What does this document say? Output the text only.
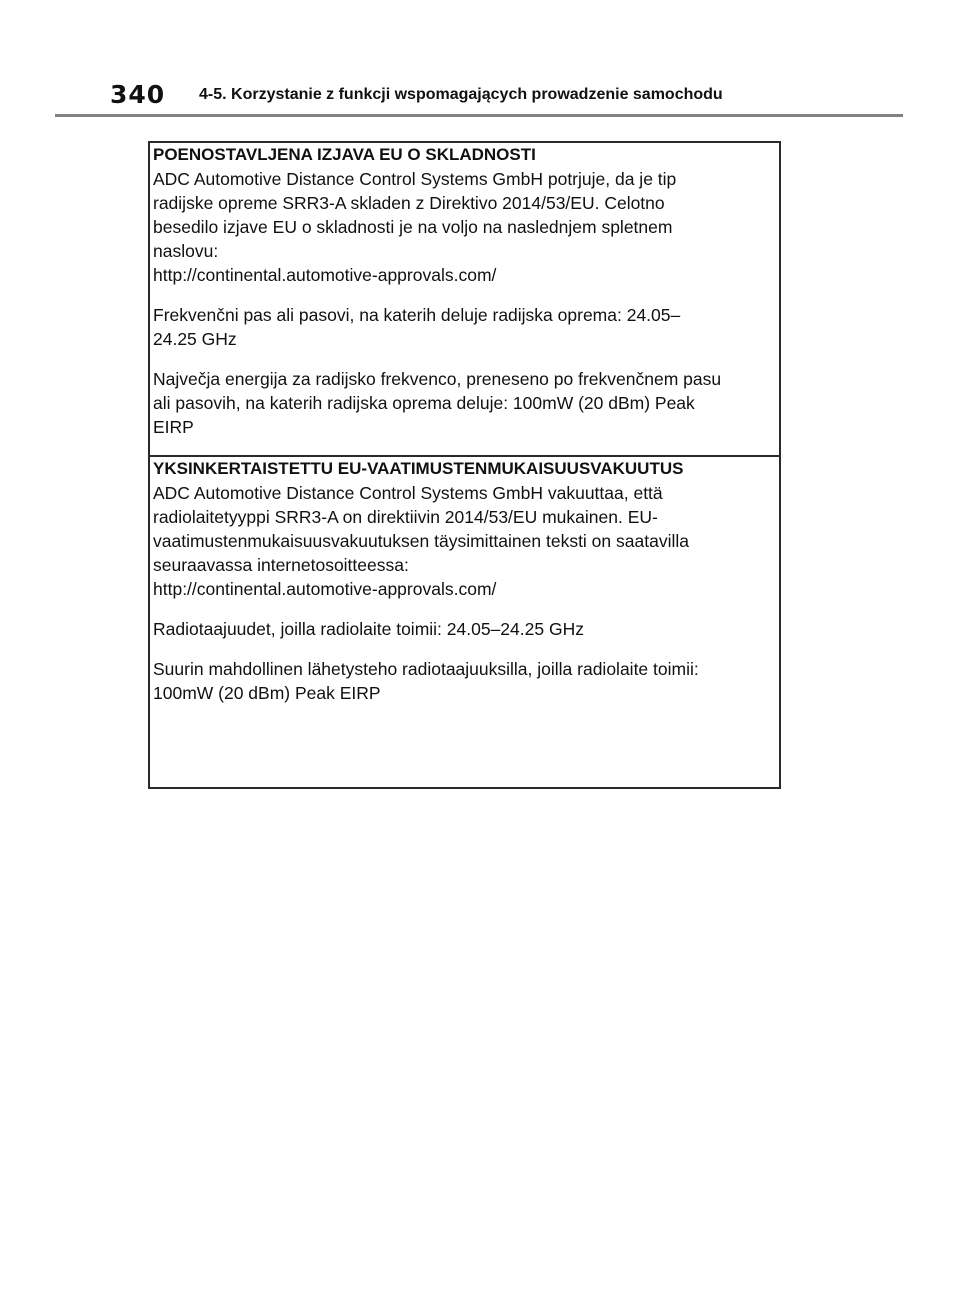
340 4-5. Korzystanie z funkcji wspomagających prowadzenie samochodu
POENOSTAVLJENA IZJAVA EU O SKLADNOSTI
ADC Automotive Distance Control Systems GmbH potrjuje, da je tip
radijske opreme SRR3-A skladen z Direktivo 2014/53/EU. Celotno
besedilo izjave EU o skladnosti je na voljo na naslednjem spletnem
naslovu:
http://continental.automotive-approvals.com/
Frekvenčni pas ali pasovi, na katerih deluje radijska oprema: 24.05–
24.25 GHz
Največja energija za radijsko frekvenco, preneseno po frekvenčnem pasu
ali pasovih, na katerih radijska oprema deluje: 100mW (20 dBm) Peak
EIRP
YKSINKERTAISTETTU EU-VAATIMUSTENMUKAISUUSVAKUUTUS
ADC Automotive Distance Control Systems GmbH vakuuttaa, että
radiolaitetyyppi SRR3-A on direktiivin 2014/53/EU mukainen. EU-
vaatimustenmukaisuusvakuutuksen täysimittainen teksti on saatavilla
seuraavassa internetosoitteessa:
http://continental.automotive-approvals.com/
Radiotaajuudet, joilla radiolaite toimii: 24.05–24.25 GHz
Suurin mahdollinen lähetysteho radiotaajuuksilla, joilla radiolaite toimii:
100mW (20 dBm) Peak EIRP
